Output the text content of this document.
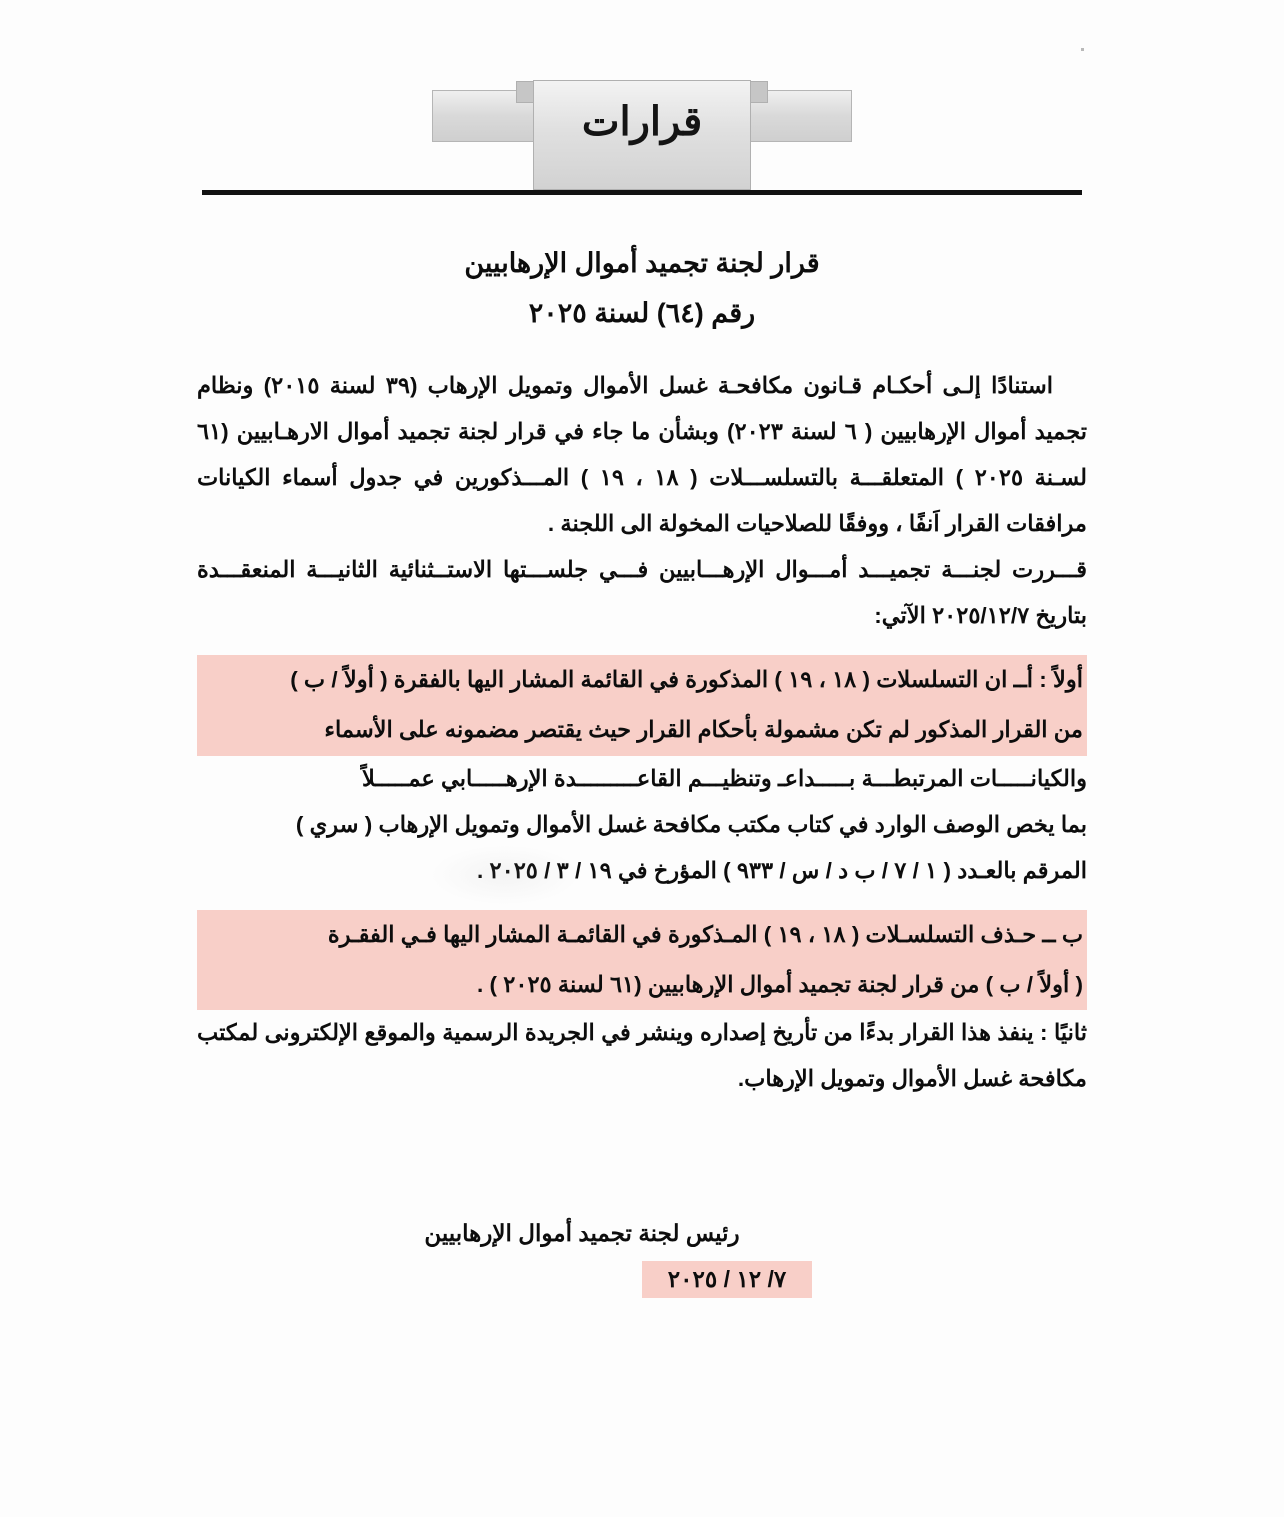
قرارات
قرار لجنة تجميد أموال الإرهابيين
رقم (٦٤) لسنة ٢٠٢٥

استنادًا إلـى أحكـام قـانون مكافحـة غسل الأموال وتمويل الإرهاب (٣٩ لسنة ٢٠١٥) ونظام تجميد أموال الإرهابيين ( ٦ لسنة ٢٠٢٣) وبشأن ما جاء في قرار لجنة تجميد أموال الارهـابيين (٦١ لسـنة ٢٠٢٥ ) المتعلقـــة بالتسلســـلات ( ١٨ ، ١٩ ) المـــذكورين في جدول أسماء الكيانات مرافقات القرار اَنفًا ، ووفقًا للصلاحيات المخولة الى اللجنة .

قـــررت لجنـــة تجميـــد أمـــوال الإرهـــابيين فـــي جلســـتها الاستــثنائية الثانيـــة المنعقـــدة بتاريخ ٢٠٢٥/١٢/٧ الآتي:

أولاً : أــ ان التسلسلات ( ١٨ ، ١٩ ) المذكورة في القائمة المشار اليها بالفقرة ( أولاً / ب )
من القرار المذكور لم تكن مشمولة بأحكام القرار حيث يقتصر مضمونه على الأسماء
والكيانـــــات المرتبطـــة بـــــداعـ وتنظيـــم القاعـــــــــدة الإرهـــــابي عمـــــلاً
بما يخص الوصف الوارد في كتاب مكتب مكافحة غسل الأموال وتمويل الإرهاب ( سري )
المرقم بالعـدد ( ١ / ٧ / ب د / س / ٩٣٣ ) المؤرخ في ١٩ / ٣ / ٢٠٢٥ .
ب ــ حـذف التسلسـلات ( ١٨ ، ١٩ ) المـذكورة في القائمـة المشار اليها فـي الفقـرة
( أولاً / ب ) من قرار لجنة تجميد أموال الإرهابيين (٦١ لسنة ٢٠٢٥ ) .

ثانيًا : ينفذ هذا القرار بدءًا من تأريخ إصداره وينشر في الجريدة الرسمية والموقع الإلكترونى لمكتب مكافحة غسل الأموال وتمويل الإرهاب.

رئيس لجنة تجميد أموال الإرهابيين
٧/ ١٢ / ٢٠٢٥
